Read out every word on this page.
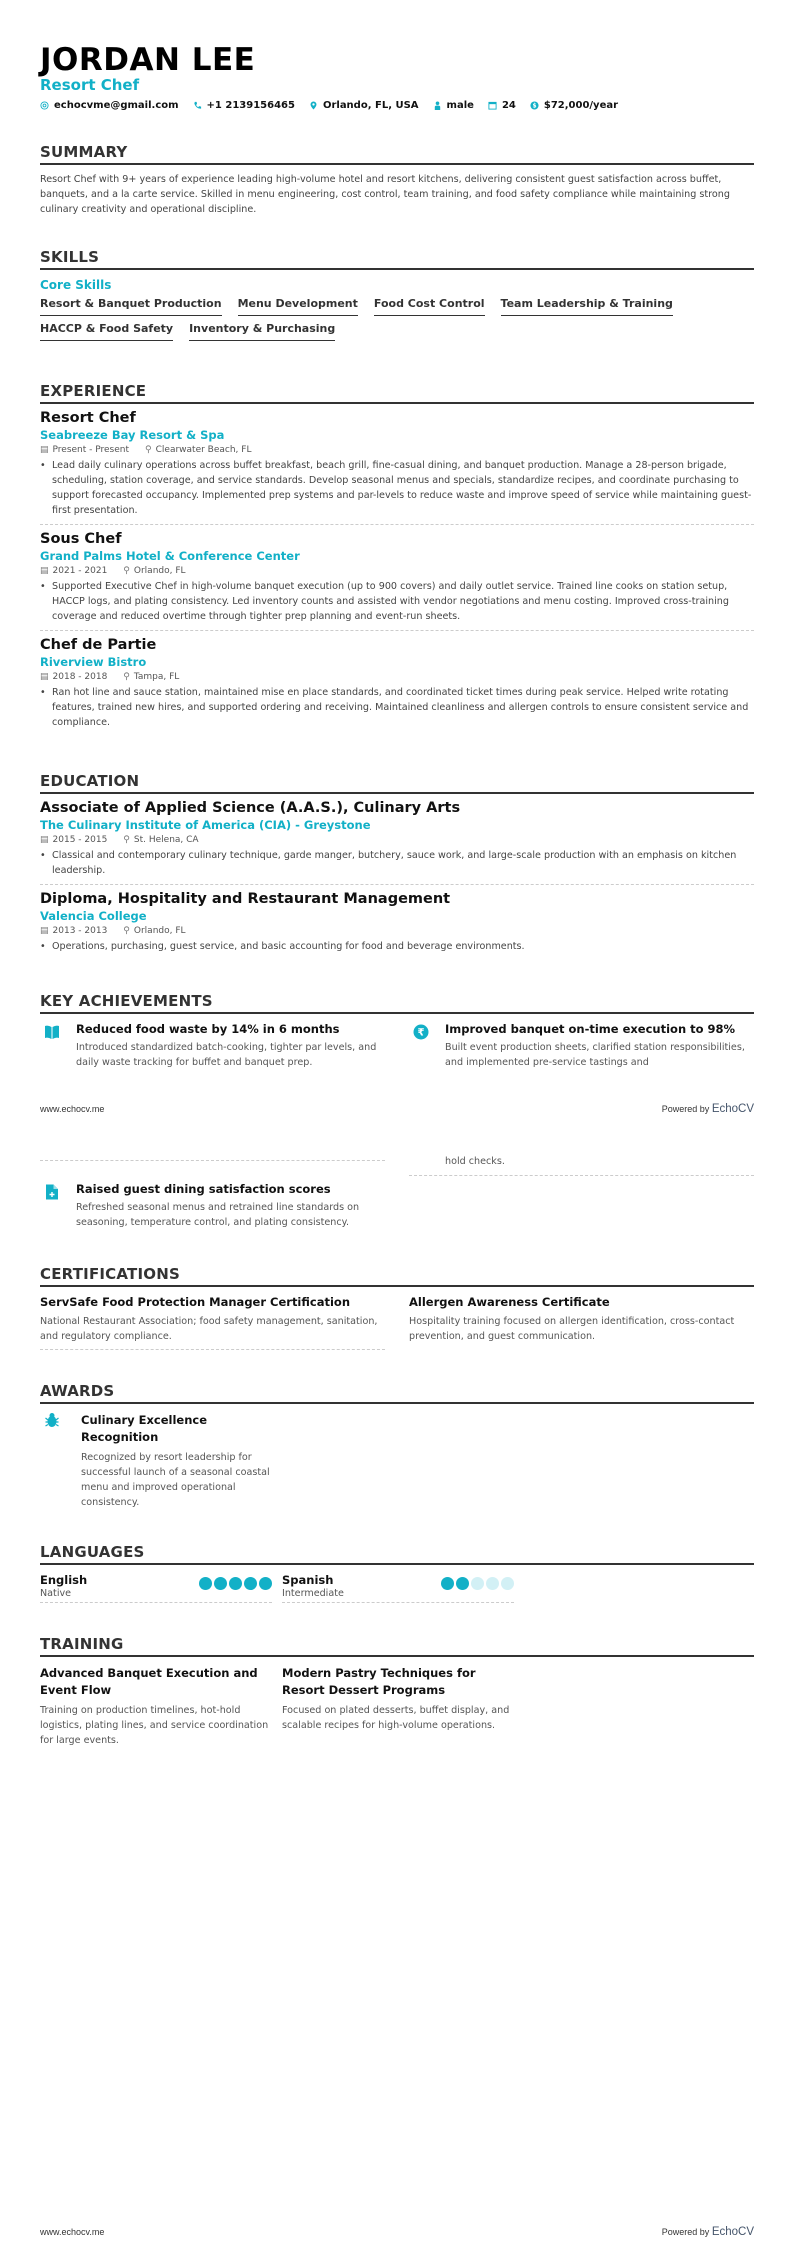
JORDAN LEE
Resort Chef
echocvme@gmail.com	+1 2139156465	Orlando, FL, USA	male	24	$ $72,000/year
SUMMARY
Resort Chef with 9+ years of experience leading high-volume hotel and resort kitchens, delivering consistent guest satisfaction across buffet, banquets, and a la carte service. Skilled in menu engineering, cost control, team training, and food safety compliance while maintaining strong culinary creativity and operational discipline.
SKILLS
Core Skills
Resort & Banquet Production Menu Development Food Cost Control Team Leadership & Training
HACCP & Food Safety Inventory & Purchasing
EXPERIENCE
Resort Chef
Seabreeze Bay Resort & Spa
▤ Present - Present ⚲ Clearwater Beach, FL
• Lead daily culinary operations across buffet breakfast, beach grill, fine-casual dining, and banquet production. Manage a 28-person brigade, scheduling, station coverage, and service standards. Develop seasonal menus and specials, standardize recipes, and coordinate purchasing to support forecasted occupancy. Implemented prep systems and par-levels to reduce waste and improve speed of service while maintaining guest-first presentation.
Sous Chef
Grand Palms Hotel & Conference Center
▤ 2021 - 2021 ⚲ Orlando, FL
• Supported Executive Chef in high-volume banquet execution (up to 900 covers) and daily outlet service. Trained line cooks on station setup, HACCP logs, and plating consistency. Led inventory counts and assisted with vendor negotiations and menu costing. Improved cross-training coverage and reduced overtime through tighter prep planning and event-run sheets.
Chef de Partie
Riverview Bistro
▤ 2018 - 2018 ⚲ Tampa, FL
• Ran hot line and sauce station, maintained mise en place standards, and coordinated ticket times during peak service. Helped write rotating features, trained new hires, and supported ordering and receiving. Maintained cleanliness and allergen controls to ensure consistent service and compliance.
EDUCATION
Associate of Applied Science (A.A.S.), Culinary Arts
The Culinary Institute of America (CIA) - Greystone
▤ 2015 - 2015 ⚲ St. Helena, CA
• Classical and contemporary culinary technique, garde manger, butchery, sauce work, and large-scale production with an emphasis on kitchen leadership.
Diploma, Hospitality and Restaurant Management
Valencia College
▤ 2013 - 2013 ⚲ Orlando, FL
• Operations, purchasing, guest service, and basic accounting for food and beverage environments.
KEY ACHIEVEMENTS
Reduced food waste by 14% in 6 months
Introduced standardized batch-cooking, tighter par levels, and daily waste tracking for buffet and banquet prep.
₹ Improved banquet on-time execution to 98%
Built event production sheets, clarified station responsibilities, and implemented pre-service tastings and
www.echocv.me	Powered by EchoCV
hold checks.
Raised guest dining satisfaction scores
Refreshed seasonal menus and retrained line standards on seasoning, temperature control, and plating consistency.
CERTIFICATIONS
ServSafe Food Protection Manager Certification
National Restaurant Association; food safety management, sanitation, and regulatory compliance.
Allergen Awareness Certificate
Hospitality training focused on allergen identification, cross-contact prevention, and guest communication.
AWARDS
Culinary Excellence Recognition
Recognized by resort leadership for successful launch of a seasonal coastal menu and improved operational consistency.
LANGUAGES
English
Native
Spanish
Intermediate
TRAINING
Advanced Banquet Execution and Event Flow
Training on production timelines, hot-hold logistics, plating lines, and service coordination for large events.
Modern Pastry Techniques for Resort Dessert Programs
Focused on plated desserts, buffet display, and scalable recipes for high-volume operations.
www.echocv.me	Powered by EchoCV
